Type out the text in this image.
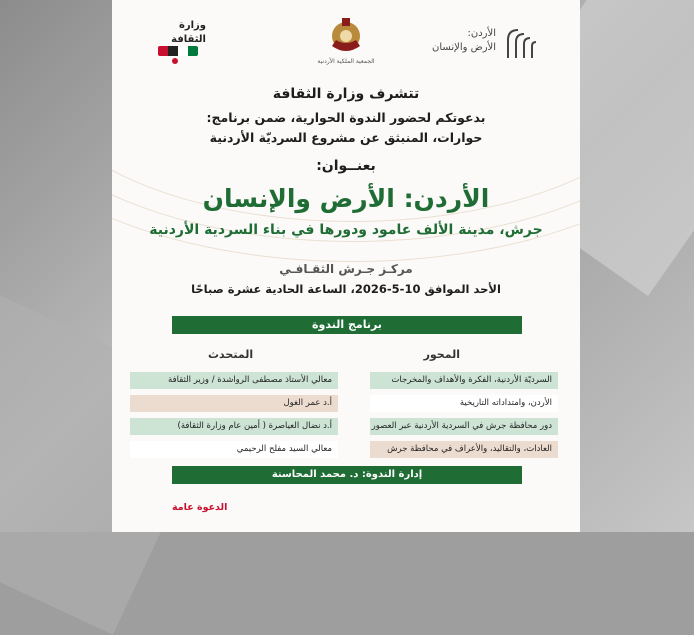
وزارة
الثقافة
الجمعية الملكية الأردنية
الأردن:
الأرض والإنسان
تتشرف وزارة الثقافة
بدعوتكم لحضور الندوة الحوارية، ضمن برنامج:
حوارات، المنبثق عن مشروع السرديّة الأردنية
بعنــوان:
الأردن: الأرض والإنسان
جرش، مدينة الألف عامود ودورها في بناء السردية الأردنية
مركـز جـرش الثقـافـي
الأحد الموافق 10-5-2026، الساعة الحادية عشرة صباحًا
برنامج الندوة
المحور
المتحدث
السرديّة الأردنية، الفكرة والأهداف والمخرجات
معالي الأستاذ مصطفى الرواشدة / وزير الثقافة
الأردن، وامتداداته التاريخية
أ.د عمر الغول
دور محافظة جرش في السردية الأردنية عبر العصور
أ.د نضال العياصرة ( أمين عام وزارة الثقافة)
العادات، والتقاليد، والأعراف في محافظة جرش
معالي السيد مفلح الرحيمي
إدارة الندوة: د. محمد المحاسنة
الدعوة عامة
